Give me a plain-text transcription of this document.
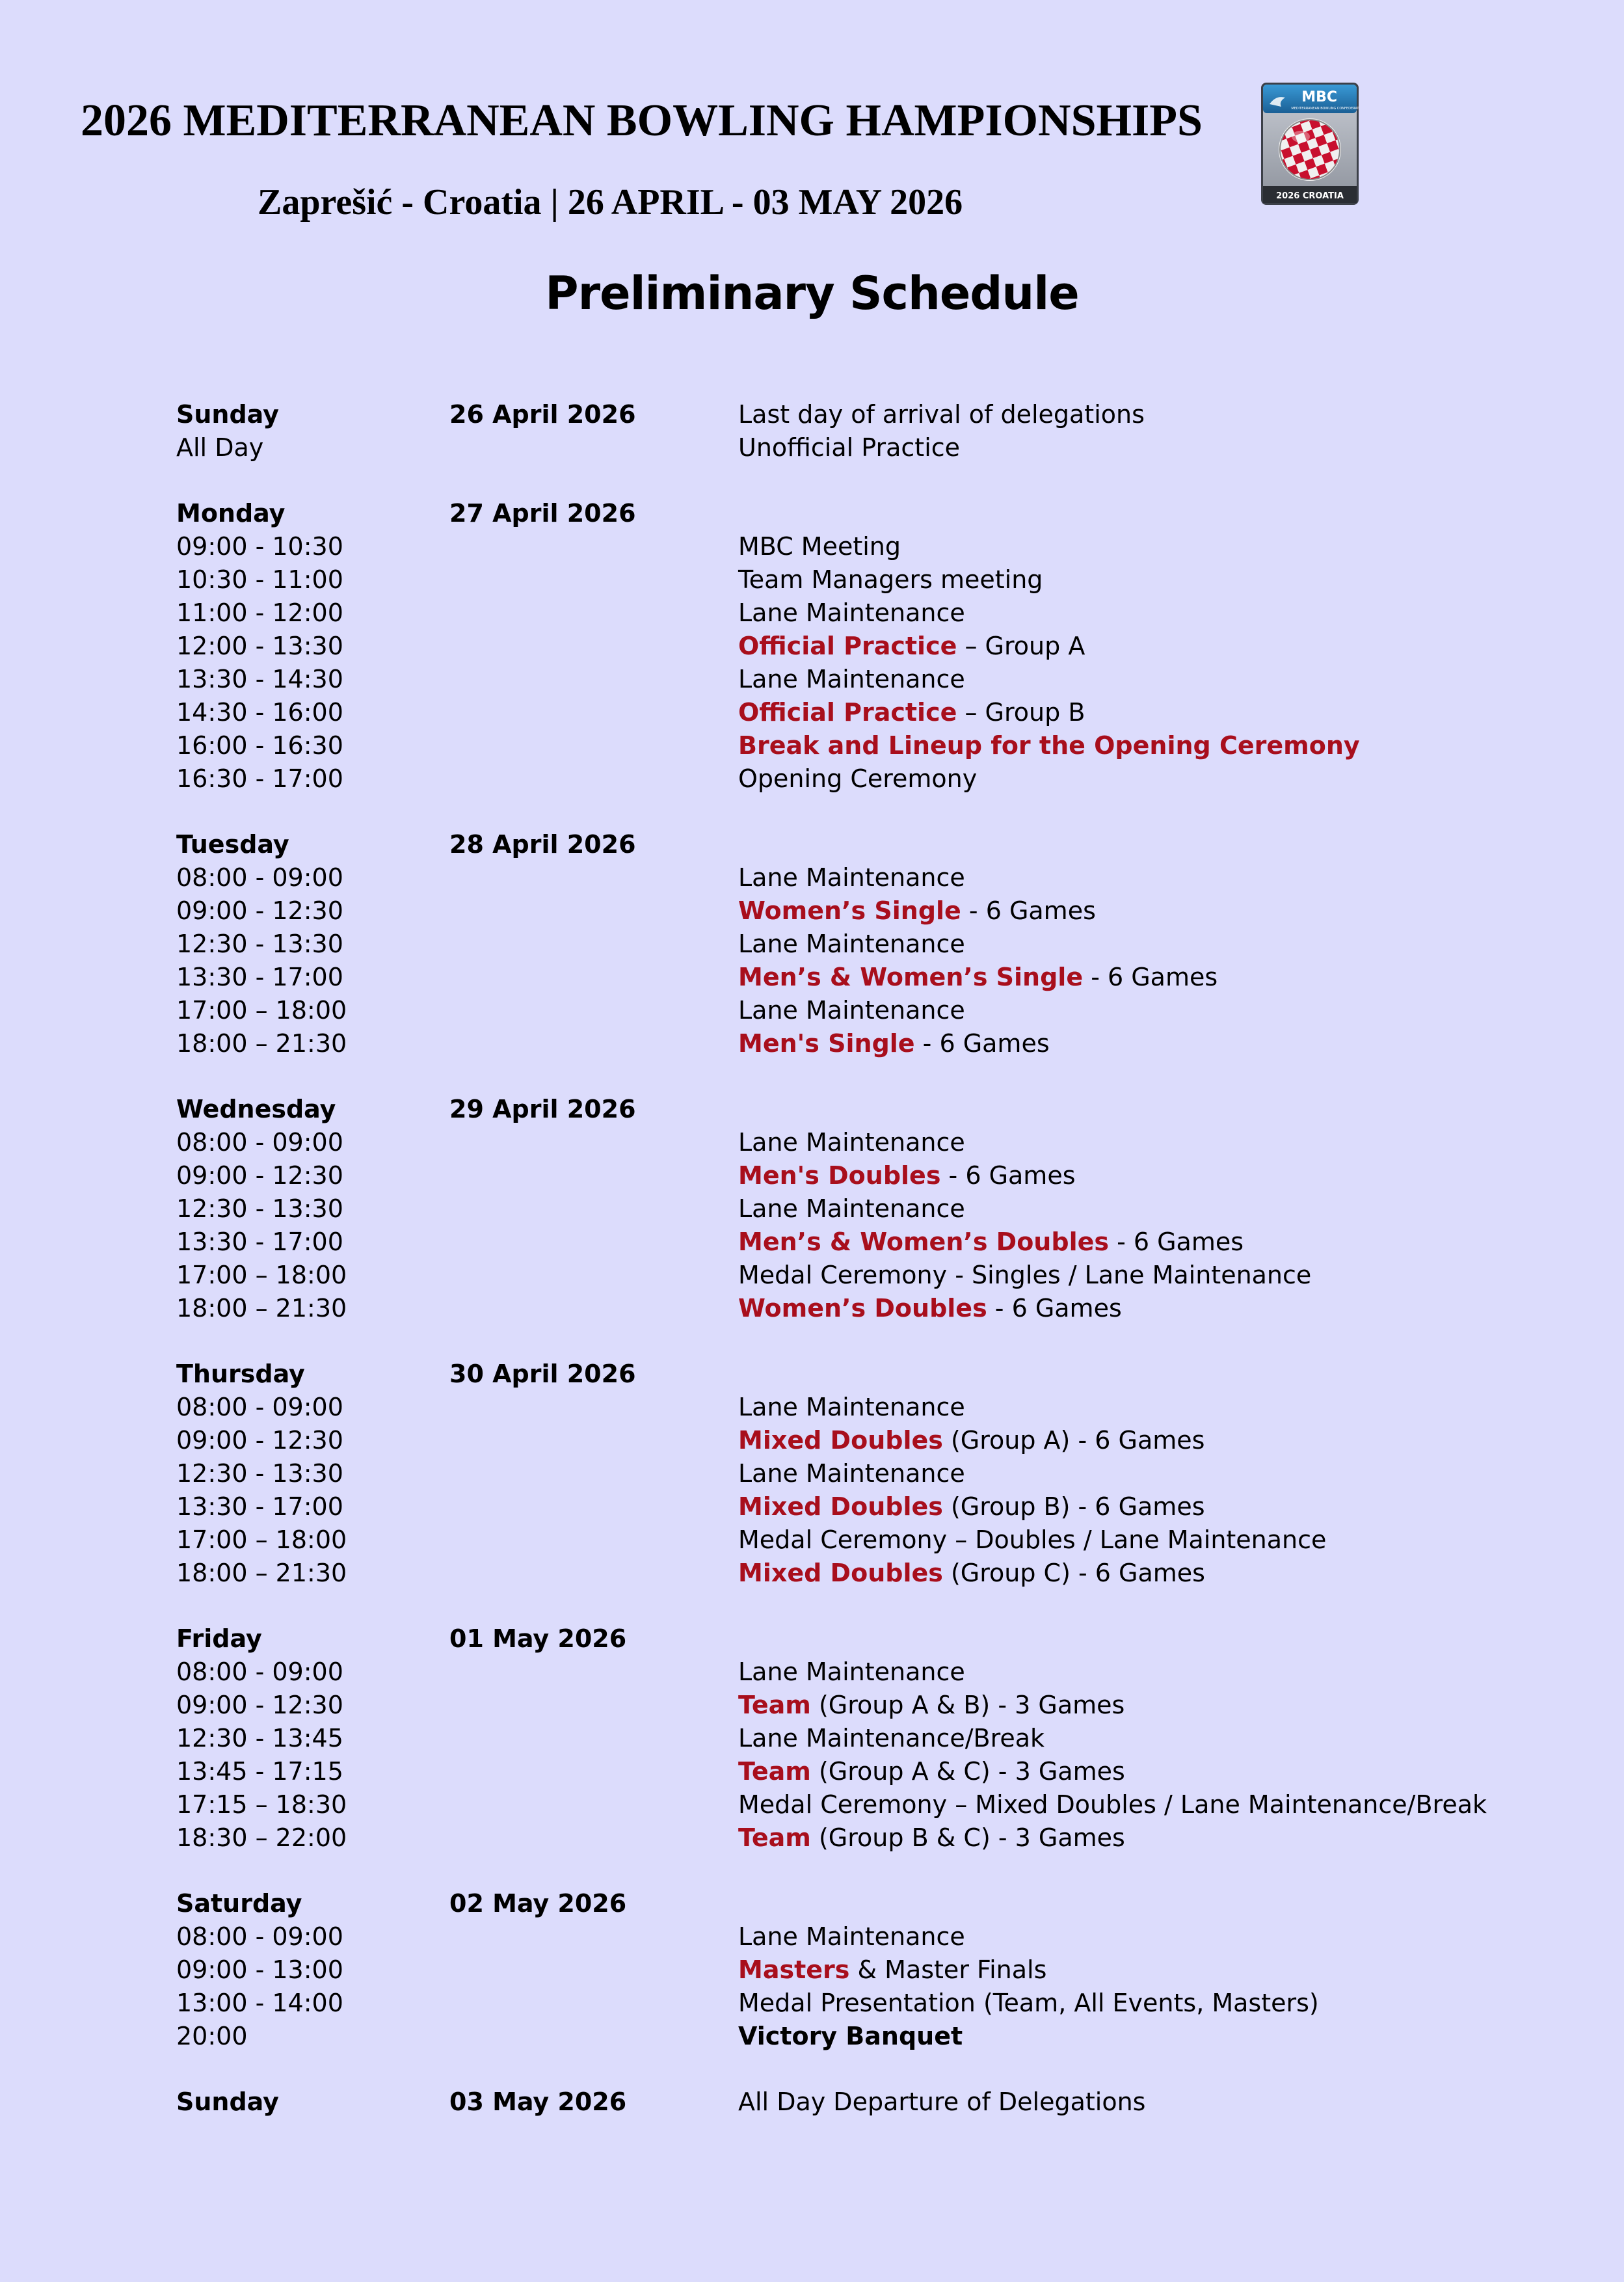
2026 MEDITERRANEAN BOWLING HAMPIONSHIPS
Zaprešić - Croatia | 26 APRIL - 03 MAY 2026
Preliminary Schedule
MBC
MEDITERRANEAN BOWLING CONFEDERATION
2026 CROATIA
Sunday	26 April 2026	Last day of arrival of delegations
All Day	Unofficial Practice
Monday	27 April 2026
09:00 - 10:30	MBC Meeting
10:30 - 11:00	Team Managers meeting
11:00 - 12:00	Lane Maintenance
12:00 - 13:30	Official Practice – Group A
13:30 - 14:30	Lane Maintenance
14:30 - 16:00	Official Practice – Group B
16:00 - 16:30	Break and Lineup for the Opening Ceremony
16:30 - 17:00	Opening Ceremony
Tuesday	28 April 2026
08:00 - 09:00	Lane Maintenance
09:00 - 12:30	Women’s Single - 6 Games
12:30 - 13:30	Lane Maintenance
13:30 - 17:00	Men’s & Women’s Single - 6 Games
17:00 – 18:00	Lane Maintenance
18:00 – 21:30	Men's Single - 6 Games
Wednesday	29 April 2026
08:00 - 09:00	Lane Maintenance
09:00 - 12:30	Men's Doubles - 6 Games
12:30 - 13:30	Lane Maintenance
13:30 - 17:00	Men’s & Women’s Doubles - 6 Games
17:00 – 18:00	Medal Ceremony - Singles / Lane Maintenance
18:00 – 21:30	Women’s Doubles - 6 Games
Thursday	30 April 2026
08:00 - 09:00	Lane Maintenance
09:00 - 12:30	Mixed Doubles (Group A) - 6 Games
12:30 - 13:30	Lane Maintenance
13:30 - 17:00	Mixed Doubles (Group B) - 6 Games
17:00 – 18:00	Medal Ceremony – Doubles / Lane Maintenance
18:00 – 21:30	Mixed Doubles (Group C) - 6 Games
Friday	01 May 2026
08:00 - 09:00	Lane Maintenance
09:00 - 12:30	Team (Group A & B) - 3 Games
12:30 - 13:45	Lane Maintenance/Break
13:45 - 17:15	Team (Group A & C) - 3 Games
17:15 – 18:30	Medal Ceremony – Mixed Doubles / Lane Maintenance/Break
18:30 – 22:00	Team (Group B & C) - 3 Games
Saturday	02 May 2026
08:00 - 09:00	Lane Maintenance
09:00 - 13:00	Masters & Master Finals
13:00 - 14:00	Medal Presentation (Team, All Events, Masters)
20:00	Victory Banquet
Sunday	03 May 2026	All Day Departure of Delegations
